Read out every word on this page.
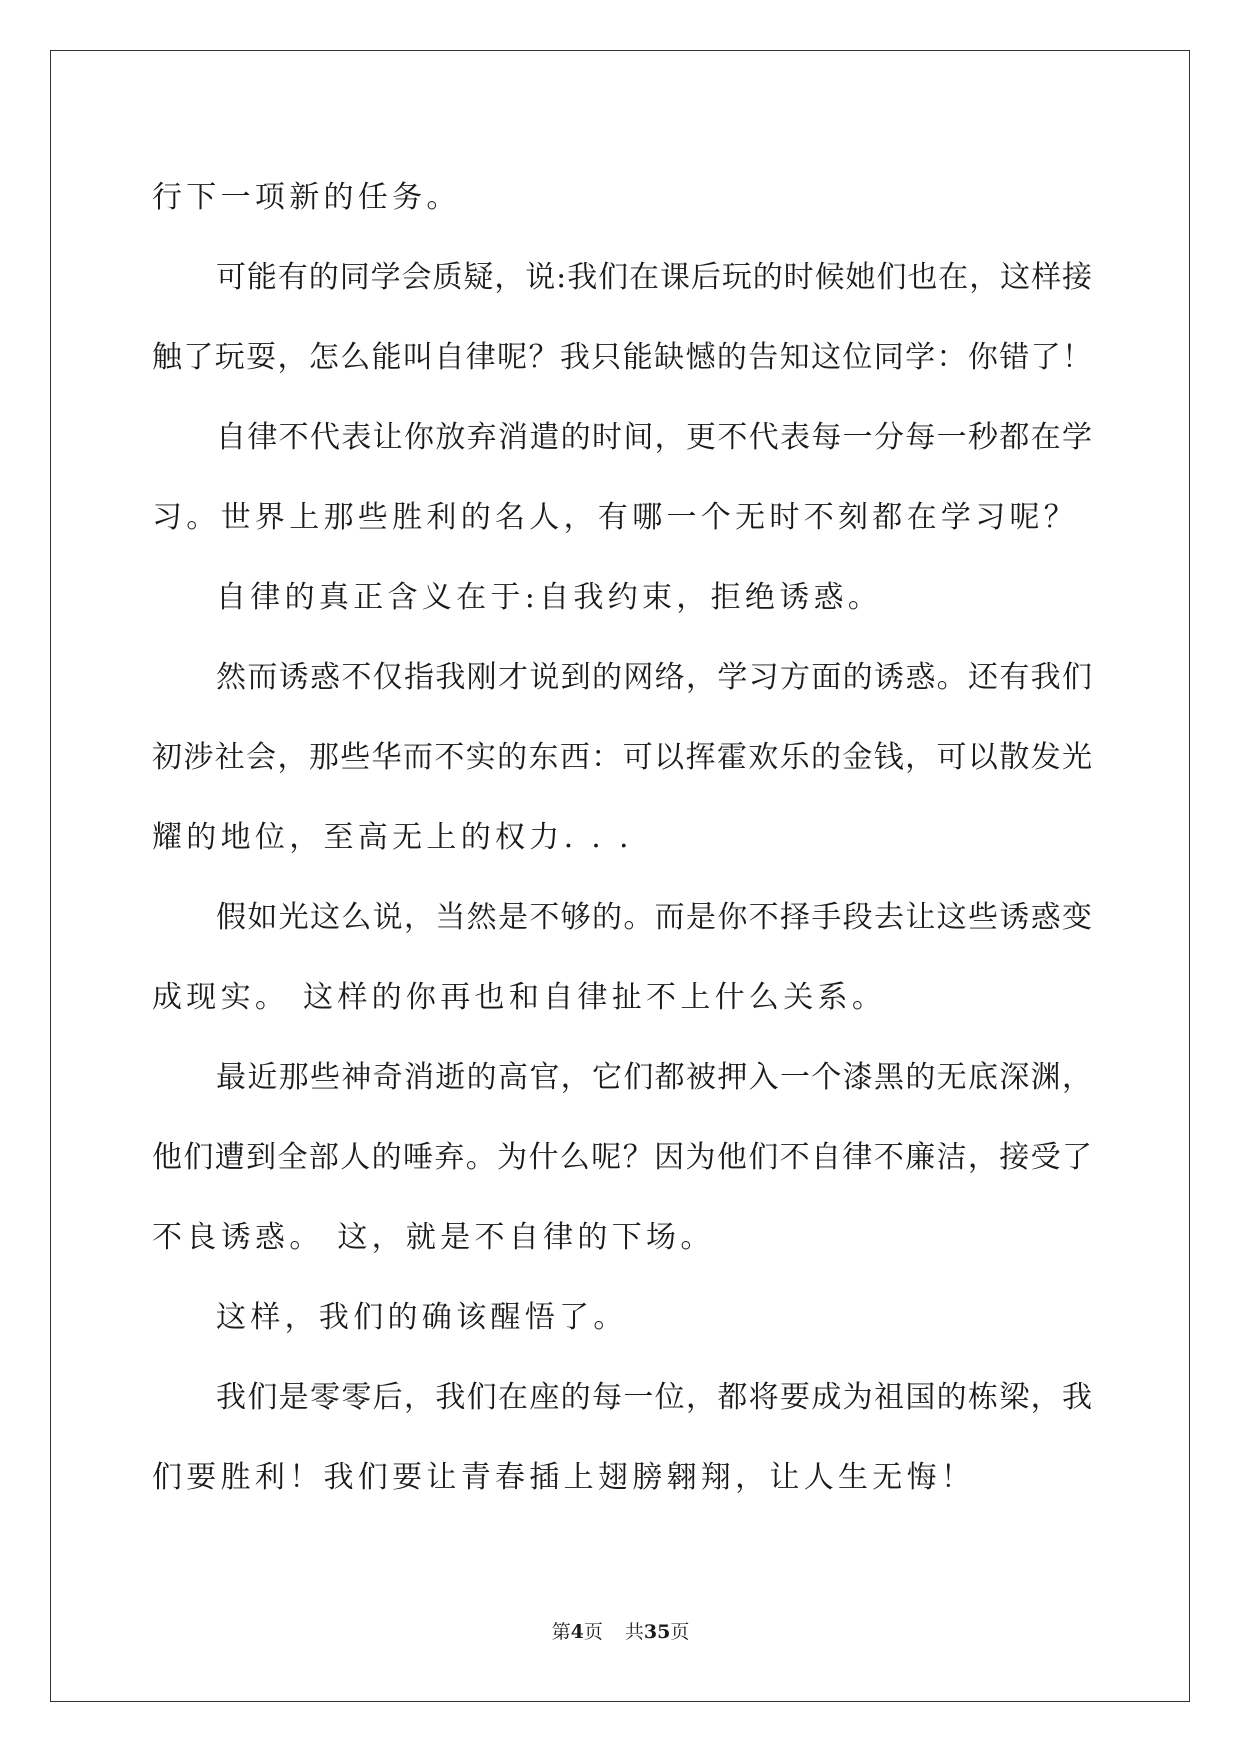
行下一项新的任务。
可能有的同学会质疑，说:我们在课后玩的时候她们也在，这样接
触了玩耍，怎么能叫自律呢？我只能缺憾的告知这位同学：你错了！
自律不代表让你放弃消遣的时间，更不代表每一分每一秒都在学
习。世界上那些胜利的名人，有哪一个无时不刻都在学习呢？
自律的真正含义在于:自我约束，拒绝诱惑。
然而诱惑不仅指我刚才说到的网络，学习方面的诱惑。还有我们
初涉社会，那些华而不实的东西：可以挥霍欢乐的金钱，可以散发光
耀的地位，至高无上的权力. . .
假如光这么说，当然是不够的。而是你不择手段去让这些诱惑变
成现实。 这样的你再也和自律扯不上什么关系。
最近那些神奇消逝的高官，它们都被押入一个漆黑的无底深渊，
他们遭到全部人的唾弃。为什么呢？因为他们不自律不廉洁，接受了
不良诱惑。 这，就是不自律的下场。
这样，我们的确该醒悟了。
我们是零零后，我们在座的每一位，都将要成为祖国的栋梁，我
们要胜利！我们要让青春插上翅膀翱翔，让人生无悔！
第4页 共35页
